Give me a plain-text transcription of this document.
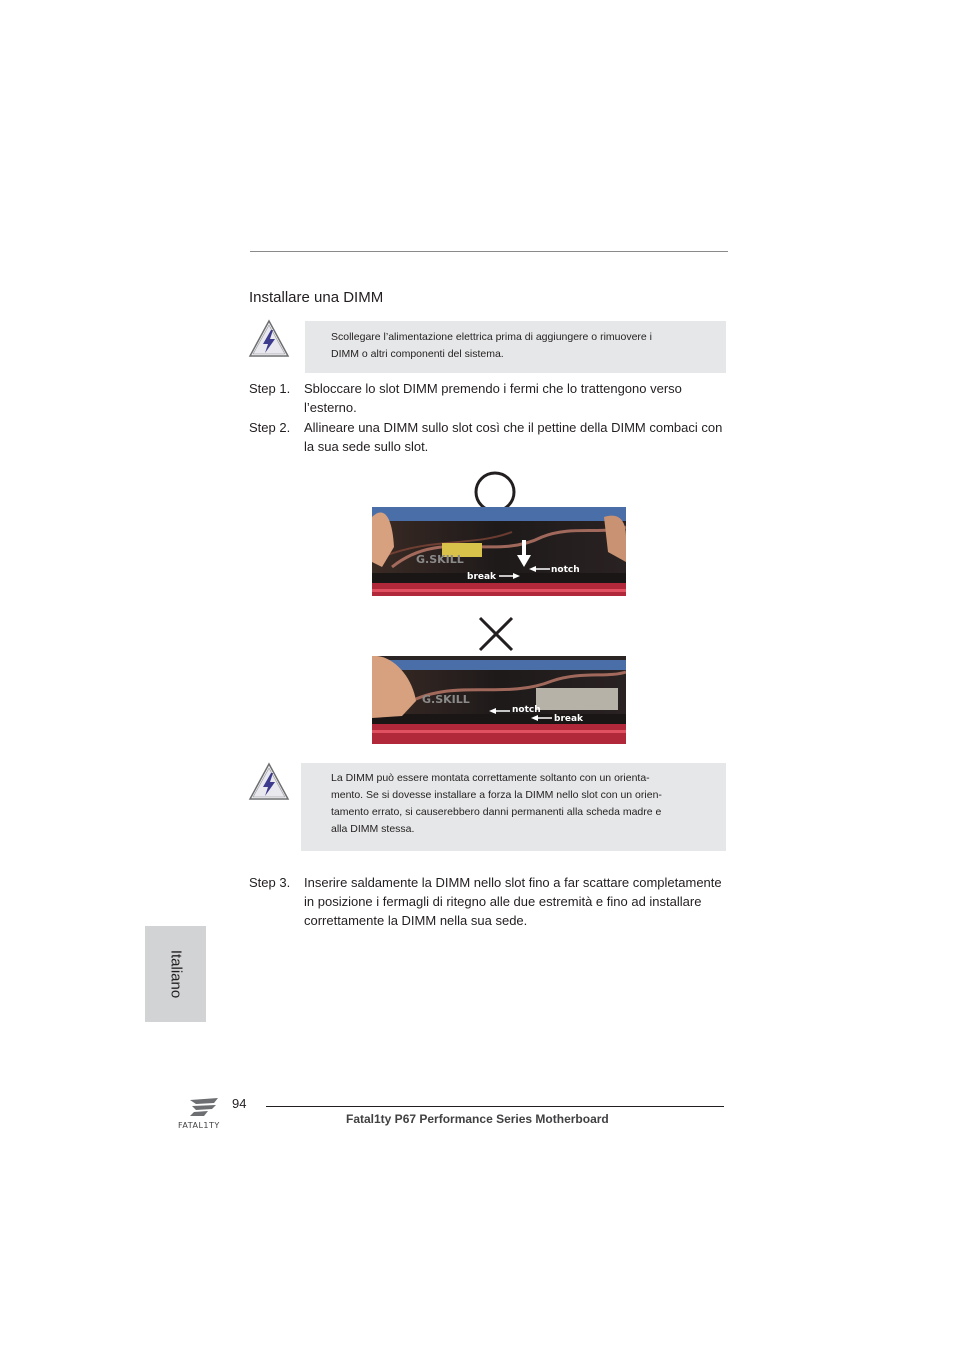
Installare una DIMM
Scollegare l’alimentazione elettrica prima di aggiungere o rimuovere i
DIMM o altri componenti del sistema.
Step 1. Sbloccare lo slot DIMM premendo i fermi che lo trattengono verso
l’esterno.
Step 2. Allineare una DIMM sullo slot così che il pettine della DIMM combaci con
la sua sede sullo slot.
G.SKILL
break
notch
G.SKILL
notch
break
La DIMM può essere montata correttamente soltanto con un orienta-
mento. Se si dovesse installare a forza la DIMM nello slot con un orien-
tamento errato, si causerebbero danni permanenti alla scheda madre e
alla DIMM stessa.
Step 3. Inserire saldamente la DIMM nello slot fino a far scattare completamente
in posizione i fermagli di ritegno alle due estremità e fino ad installare
correttamente la DIMM nella sua sede.
Italiano
FATAL1TY
94
Fatal1ty P67 Performance Series Motherboard
